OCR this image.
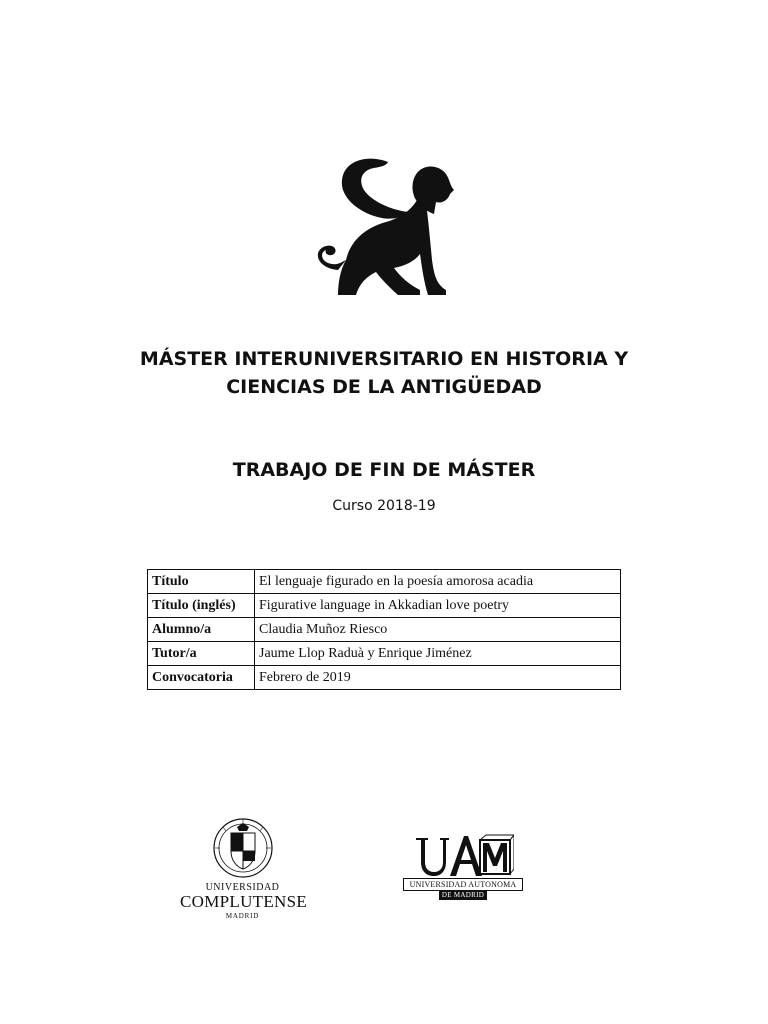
MÁSTER INTERUNIVERSITARIO EN HISTORIA Y
CIENCIAS DE LA ANTIGÜEDAD
TRABAJO DE FIN DE MÁSTER
Curso 2018-19
Título	El lenguaje figurado en la poesía amorosa acadia
Título (inglés)	Figurative language in Akkadian love poetry
Alumno/a	Claudia Muñoz Riesco
Tutor/a	Jaume Llop Raduà y Enrique Jiménez
Convocatoria	Febrero de 2019
UNIVERSIDAD
COMPLUTENSE
MADRID
UNIVERSIDAD AUTONOMA
DE MADRID
